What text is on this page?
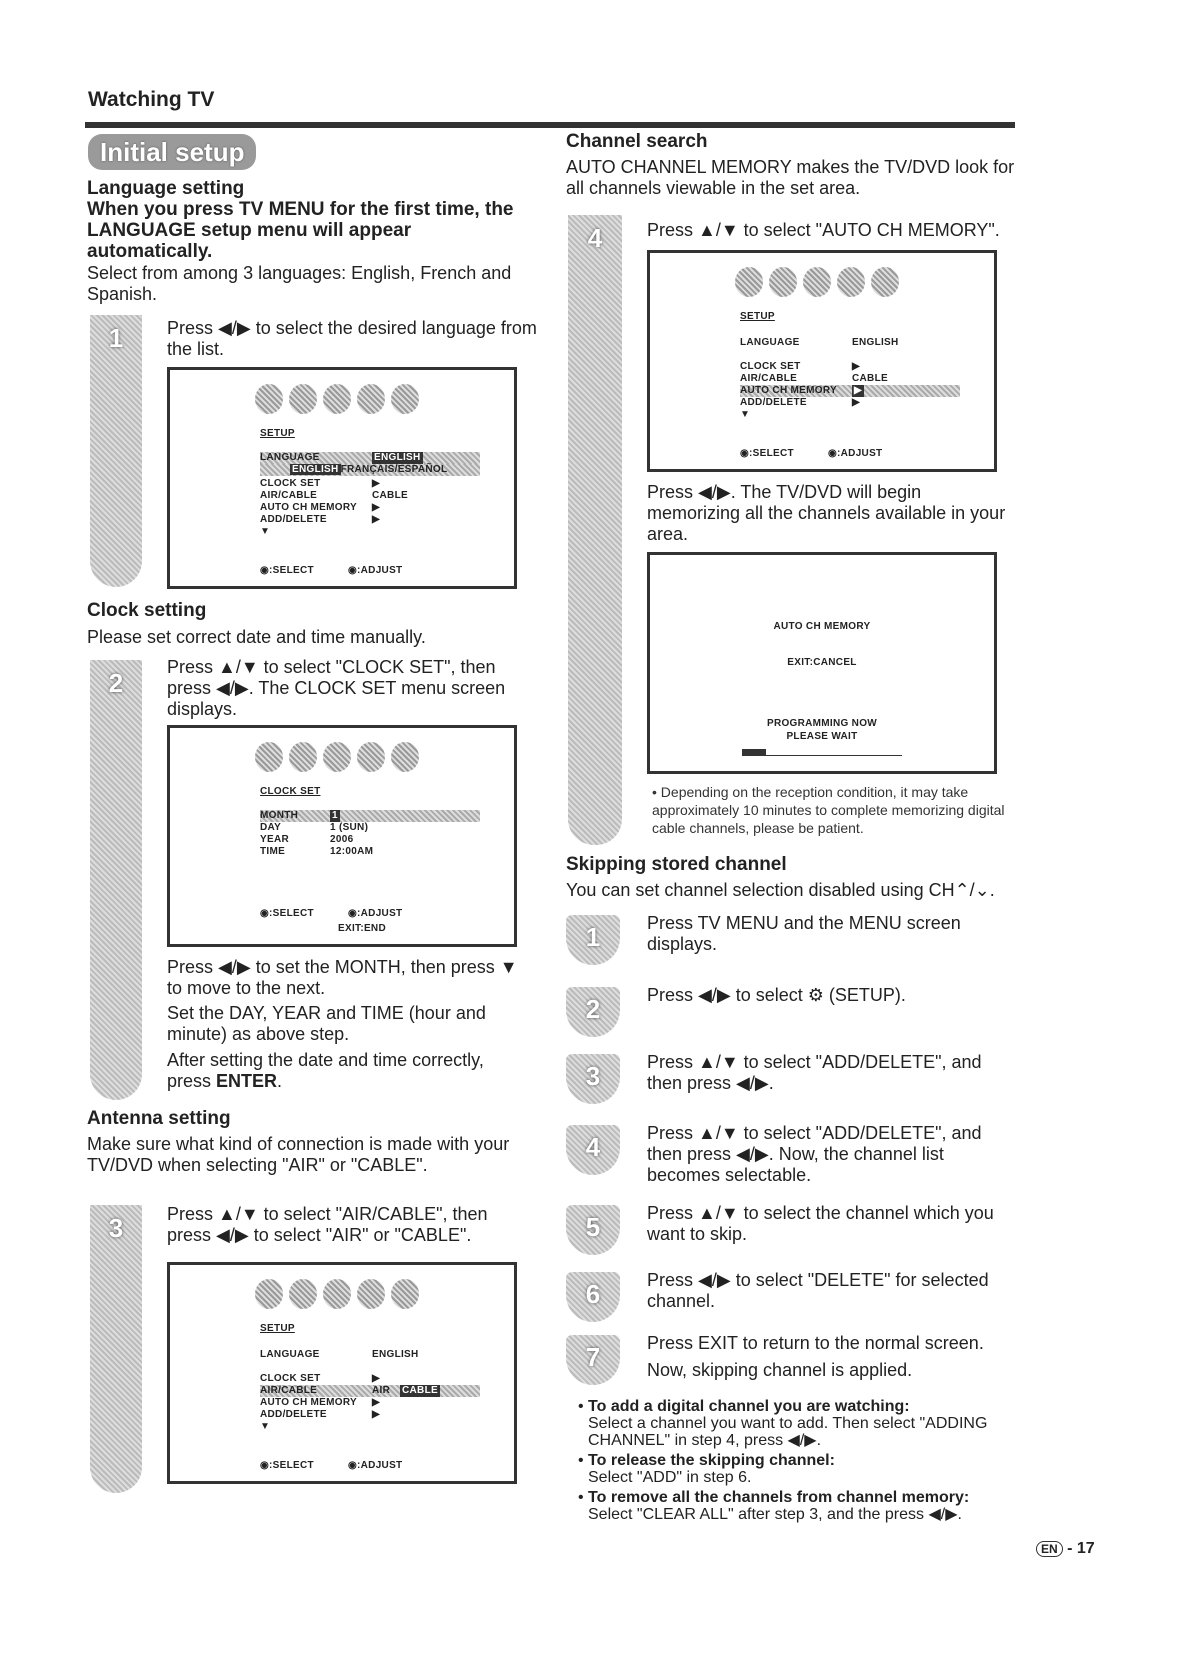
Watching TV
Initial setup
Language setting
When you press TV MENU for the first time, the LANGUAGE setup menu will appear automatically.
Select from among 3 languages: English, French and Spanish.
1	Press ◀/▶ to select the desired language from the list.
SETUP
LANGUAGE	ENGLISH
ENGLISH FRANÇAIS/ESPAÑOL
CLOCK SET	▶
AIR/CABLE	CABLE
AUTO CH MEMORY ▶
ADD/DELETE	▶
▼
◉:SELECT	◉:ADJUST
Clock setting
Please set correct date and time manually.
2
Press ▲/▼ to select "CLOCK SET", then press ◀/▶. The CLOCK SET menu screen displays.
CLOCK SET
MONTH	1
DAY	1 (SUN)
YEAR	2006
TIME	12:00AM
◉:SELECT	◉:ADJUST
EXIT:END
Press ◀/▶ to set the MONTH, then press ▼ to move to the next.
Set the DAY, YEAR and TIME (hour and minute) as above step.
After setting the date and time correctly, press ENTER.
Antenna setting
Make sure what kind of connection is made with your TV/DVD when selecting "AIR" or "CABLE".
3	Press ▲/▼ to select "AIR/CABLE", then press ◀/▶ to select "AIR" or "CABLE".
SETUP
LANGUAGE	ENGLISH
CLOCK SET	▶
AIR/CABLE	AIR CABLE
AUTO CH MEMORY ▶
ADD/DELETE	▶
▼
◉:SELECT	◉:ADJUST
Channel search
AUTO CHANNEL MEMORY makes the TV/DVD look for all channels viewable in the set area.
4	Press ▲/▼ to select "AUTO CH MEMORY".
SETUP
LANGUAGE	ENGLISH
CLOCK SET	▶
AIR/CABLE	CABLE
AUTO CH MEMORY ▶
ADD/DELETE	▶
▼
◉:SELECT	◉:ADJUST
Press ◀/▶. The TV/DVD will begin memorizing all the channels available in your area.
AUTO CH MEMORY
EXIT:CANCEL
PROGRAMMING NOW
PLEASE WAIT
• Depending on the reception condition, it may take approximately 10 minutes to complete memorizing digital cable channels, please be patient.
Skipping stored channel
You can set channel selection disabled using CH⌃/⌄.
1	Press TV MENU and the MENU screen displays.
2	Press ◀/▶ to select ⚙ (SETUP).
3	Press ▲/▼ to select "ADD/DELETE", and then press ◀/▶.
4	Press ▲/▼ to select "ADD/DELETE", and then press ◀/▶. Now, the channel list becomes selectable.
5	Press ▲/▼ to select the channel which you want to skip.
6	Press ◀/▶ to select "DELETE" for selected channel.
7	Press EXIT to return to the normal screen.
Now, skipping channel is applied.
• To add a digital channel you are watching:
Select a channel you want to add. Then select "ADDING CHANNEL" in step 4, press ◀/▶.
• To release the skipping channel:
Select "ADD" in step 6.
• To remove all the channels from channel memory:
Select "CLEAR ALL" after step 3, and the press ◀/▶.
EN - 17
